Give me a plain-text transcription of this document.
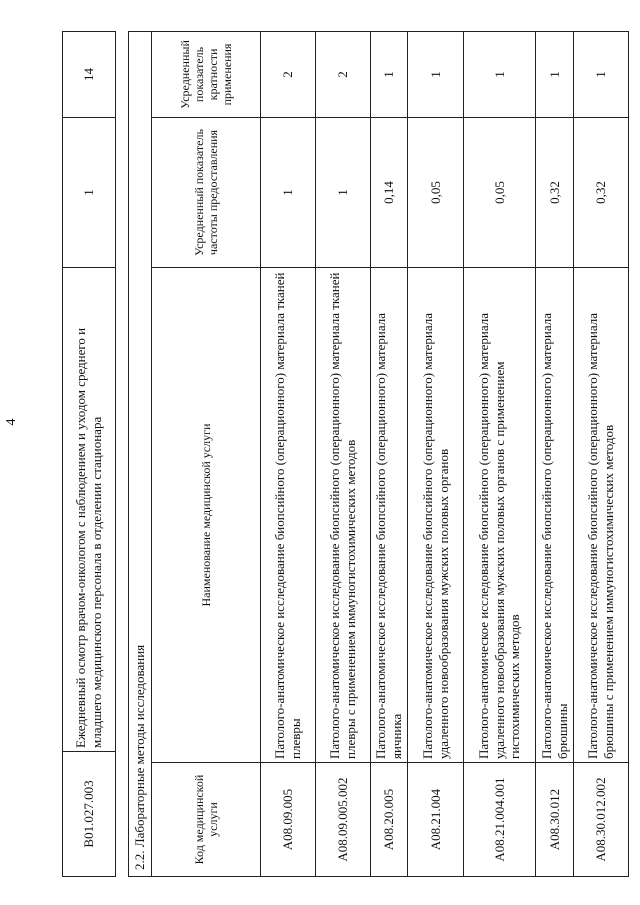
4
B01.027.003	Ежедневный осмотр врачом-онкологом с наблюдением и уходом среднего и младшего медицинского персонала в отделении стационара	1	14
2.2. Лабораторные методы исследования			
Код медицинской услуги	Наименование медицинской услуги	Усредненный показатель частоты предоставления	Усредненный показатель кратности применения
A08.09.005	Патолого-анатомическое исследование биопсийного (операционного) материала тканей плевры	1	2
A08.09.005.002	Патолого-анатомическое исследование биопсийного (операционного) материала тканей плевры с применением иммуногистохимических методов	1	2
A08.20.005	Патолого-анатомическое исследование биопсийного (операционного) материала яичника	0,14	1
A08.21.004	Патолого-анатомическое исследование биопсийного (операционного) материала удаленного новообразования мужских половых органов	0,05	1
A08.21.004.001	Патолого-анатомическое исследование биопсийного (операционного) материала удаленного новообразования мужских половых органов с применением гистохимических методов	0,05	1
A08.30.012	Патолого-анатомическое исследование биопсийного (операционного) материала брюшины	0,32	1
A08.30.012.002	Патолого-анатомическое исследование биопсийного (операционного) материала брюшины с применением иммуногистохимических методов	0,32	1
